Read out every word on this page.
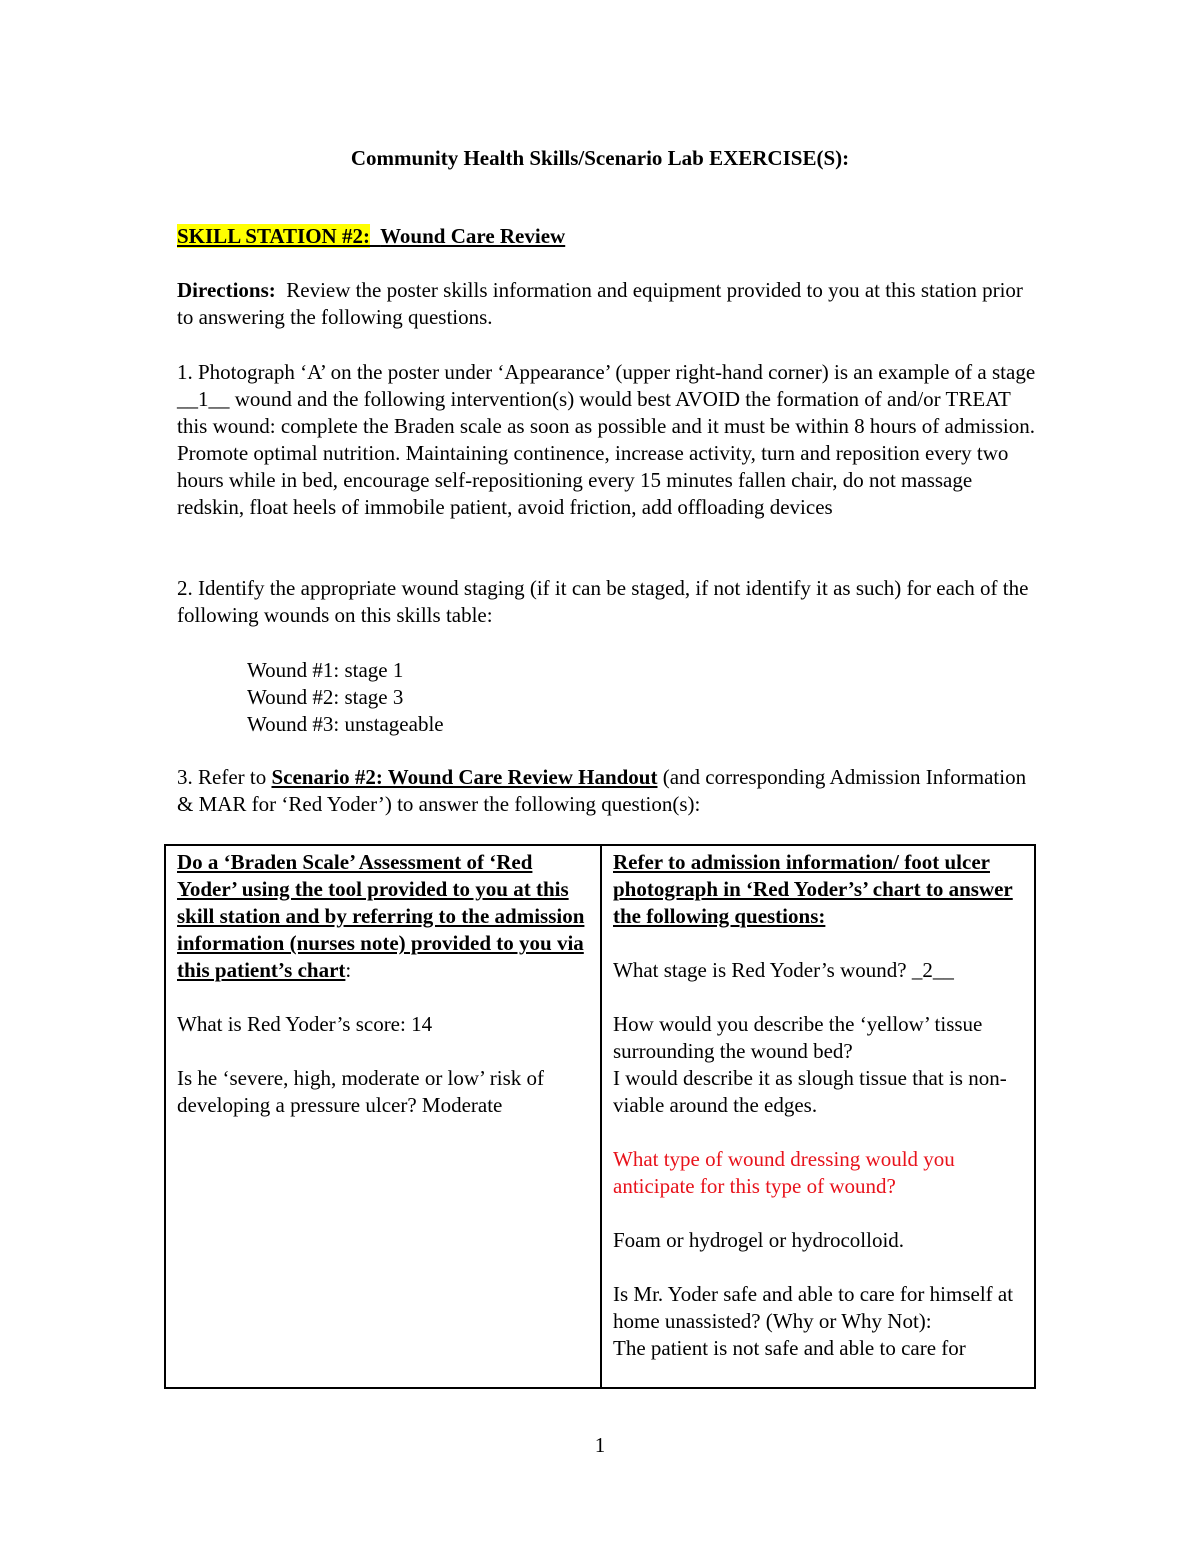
Community Health Skills/Scenario Lab EXERCISE(S):
SKILL STATION #2: Wound Care Review

Directions: Review the poster skills information and equipment provided to you at this station prior to answering the following questions.

1. Photograph ‘A’ on the poster under ‘Appearance’ (upper right-hand corner) is an example of a stage __1__ wound and the following intervention(s) would best AVOID the formation of and/or TREAT this wound: complete the Braden scale as soon as possible and it must be within 8 hours of admission. Promote optimal nutrition. Maintaining continence, increase activity, turn and reposition every two hours while in bed, encourage self-repositioning every 15 minutes fallen chair, do not massage redskin, float heels of immobile patient, avoid friction, add offloading devices

2. Identify the appropriate wound staging (if it can be staged, if not identify it as such) for each of the following wounds on this skills table:

Wound #1: stage 1
Wound #2: stage 3
Wound #3: unstageable

3. Refer to Scenario #2: Wound Care Review Handout (and corresponding Admission Information & MAR for ‘Red Yoder’) to answer the following question(s):

Do a ‘Braden Scale’ Assessment of ‘Red Yoder’ using the tool provided to you at this skill station and by referring to the admission information (nurses note) provided to you via this patient’s chart:

What is Red Yoder’s score: 14

Is he ‘severe, high, moderate or low’ risk of developing a pressure ulcer? Moderate

Refer to admission information/ foot ulcer photograph in ‘Red Yoder’s’ chart to answer the following questions:

What stage is Red Yoder’s wound? _2__

How would you describe the ‘yellow’ tissue surrounding the wound bed?

I would describe it as slough tissue that is non-viable around the edges.

What type of wound dressing would you anticipate for this type of wound?

Foam or hydrogel or hydrocolloid.

Is Mr. Yoder safe and able to care for himself at home unassisted? (Why or Why Not):

The patient is not safe and able to care for

1
